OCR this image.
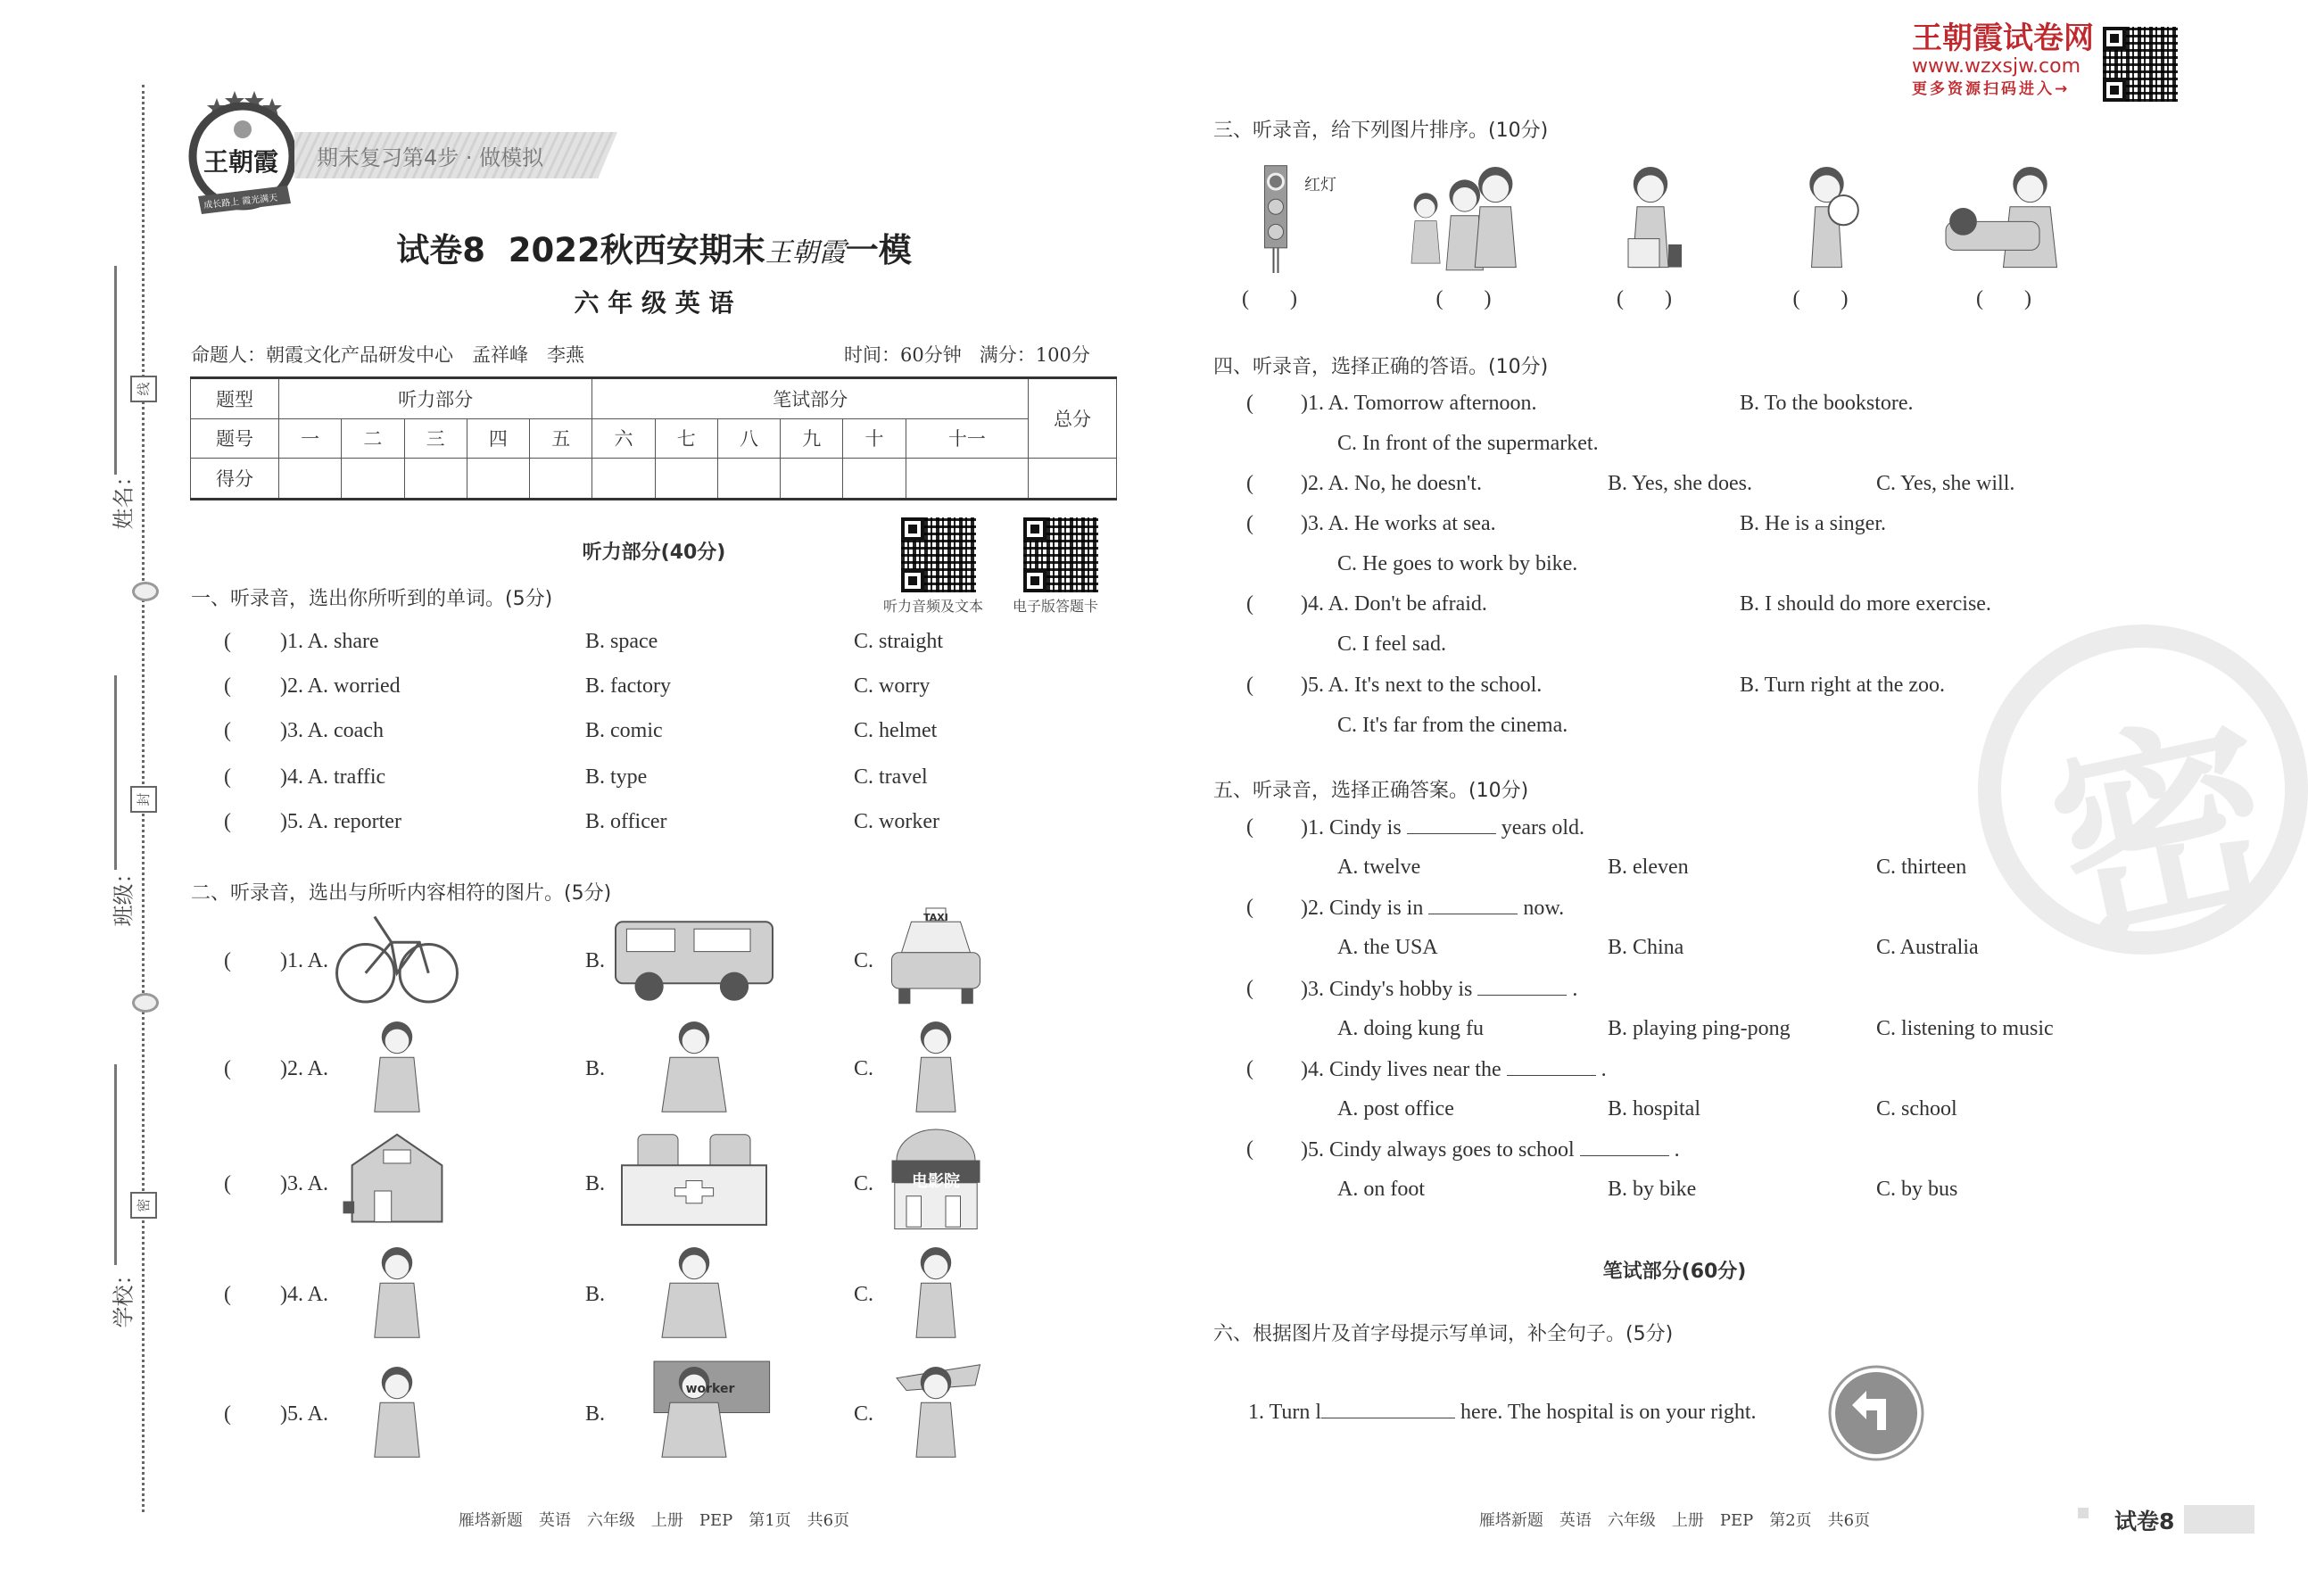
姓名：
班级：
学校：
线
封
密
王朝霞
成长路上 霞光满天
期末复习第4步 · 做模拟
试卷8 2022秋西安期末王朝霞一模
六 年 级 英 语
命题人：朝霞文化产品研发中心　孟祥峰　李燕	时间：60分钟 满分：100分
题型	听力部分					笔试部分						总分
题号	一	二	三	四	五	六	七	八	九	十	十一	
得分												
听力部分(40分)
听力音频及文本 电子版答题卡
一、听录音，选出你所听到的单词。(5分)
( )1. A. share	B. space	C. straight
( )2. A. worried	B. factory	C. worry
( )3. A. coach	B. comic	C. helmet
( )4. A. traffic	B. type	C. travel
( )5. A. reporter	B. officer	C. worker
二、听录音，选出与所听内容相符的图片。(5分)
( )1. A.	B.	C.
TAXI
( )2. A.	B.	C.
( )3. A.	B.	C. 电影院
( )4. A.	B.	C.
( )5. A.	B.	C.
worker
雁塔新题　英语　六年级　上册　PEP　第1页　共6页
密
王朝霞试卷网
www.wzxsjw.com
更多资源扫码进入→
三、听录音，给下列图片排序。(10分)
( )	( )	( )	( )	( )
红灯
四、听录音，选择正确的答语。(10分)
( )1. A. Tomorrow afternoon.	B. To the bookstore.
C. In front of the supermarket.
( )2. A. No, he doesn't.	B. Yes, she does.	C. Yes, she will.
( )3. A. He works at sea.	B. He is a singer.
C. He goes to work by bike.
( )4. A. Don't be afraid.	B. I should do more exercise.
C. I feel sad.
( )5. A. It's next to the school.	B. Turn right at the zoo.
C. It's far from the cinema.
五、听录音，选择正确答案。(10分)
( )1. Cindy is	years old.
A. twelve	B. eleven	C. thirteen
( )2. Cindy is in	now.
A. the USA	B. China	C. Australia
( )3. Cindy's hobby is	.
A. doing kung fu	B. playing ping-pong	C. listening to music
( )4. Cindy lives near the	.
A. post office	B. hospital	C. school
( )5. Cindy always goes to school	.
A. on foot	B. by bike	C. by bus
笔试部分(60分)
六、根据图片及首字母提示写单词，补全句子。(5分)
1. Turn l	here. The hospital is on your right.
雁塔新题　英语　六年级　上册　PEP　第2页　共6页	试卷8
